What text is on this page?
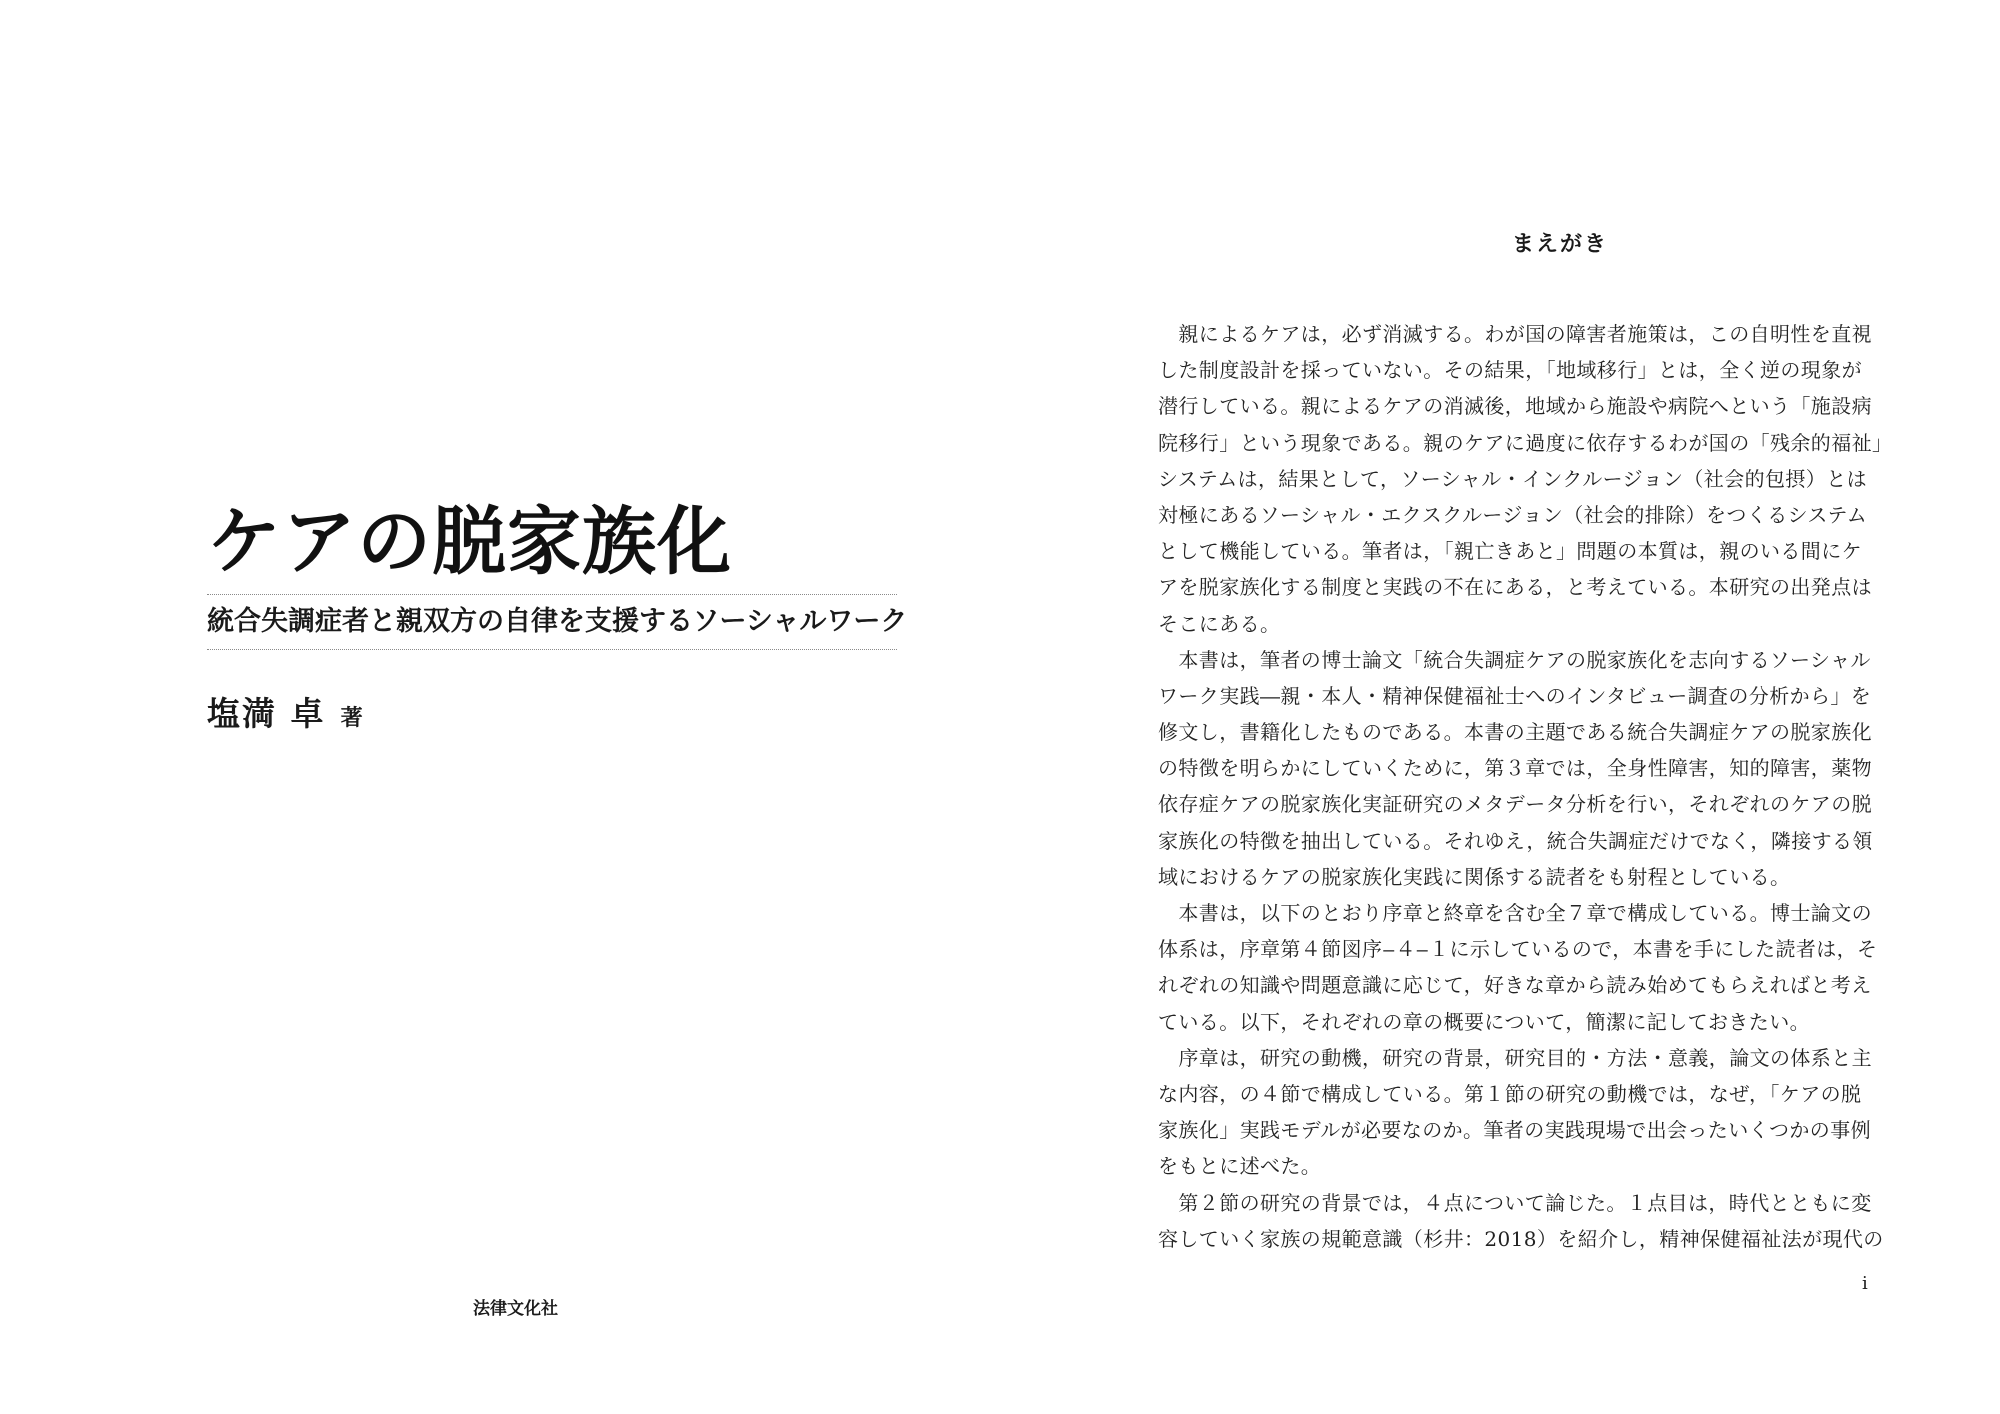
ケアの脱家族化

統合失調症者と親双方の自律を支援するソーシャルワーク

塩満 卓 著
法律文化社
まえがき
　親によるケアは，必ず消滅する。わが国の障害者施策は，この自明性を直視
した制度設計を採っていない。その結果，「地域移行」とは，全く逆の現象が
潜行している。親によるケアの消滅後，地域から施設や病院へという「施設病
院移行」という現象である。親のケアに過度に依存するわが国の「残余的福祉」
システムは，結果として，ソーシャル・インクルージョン（社会的包摂）とは
対極にあるソーシャル・エクスクルージョン（社会的排除）をつくるシステム
として機能している。筆者は，「親亡きあと」問題の本質は，親のいる間にケ
アを脱家族化する制度と実践の不在にある，と考えている。本研究の出発点は
そこにある。
　本書は，筆者の博士論文「統合失調症ケアの脱家族化を志向するソーシャル
ワーク実践―親・本人・精神保健福祉士へのインタビュー調査の分析から」を
修文し，書籍化したものである。本書の主題である統合失調症ケアの脱家族化
の特徴を明らかにしていくために，第３章では，全身性障害，知的障害，薬物
依存症ケアの脱家族化実証研究のメタデータ分析を行い，それぞれのケアの脱
家族化の特徴を抽出している。それゆえ，統合失調症だけでなく，隣接する領
域におけるケアの脱家族化実践に関係する読者をも射程としている。
　本書は，以下のとおり序章と終章を含む全７章で構成している。博士論文の
体系は，序章第４節図序‒４‒１に示しているので，本書を手にした読者は，そ
れぞれの知識や問題意識に応じて，好きな章から読み始めてもらえればと考え
ている。以下，それぞれの章の概要について，簡潔に記しておきたい。
　序章は，研究の動機，研究の背景，研究目的・方法・意義，論文の体系と主
な内容，の４節で構成している。第１節の研究の動機では，なぜ，「ケアの脱
家族化」実践モデルが必要なのか。筆者の実践現場で出会ったいくつかの事例
をもとに述べた。
　第２節の研究の背景では，４点について論じた。１点目は，時代とともに変
容していく家族の規範意識（杉井：2018）を紹介し，精神保健福祉法が現代の
i
